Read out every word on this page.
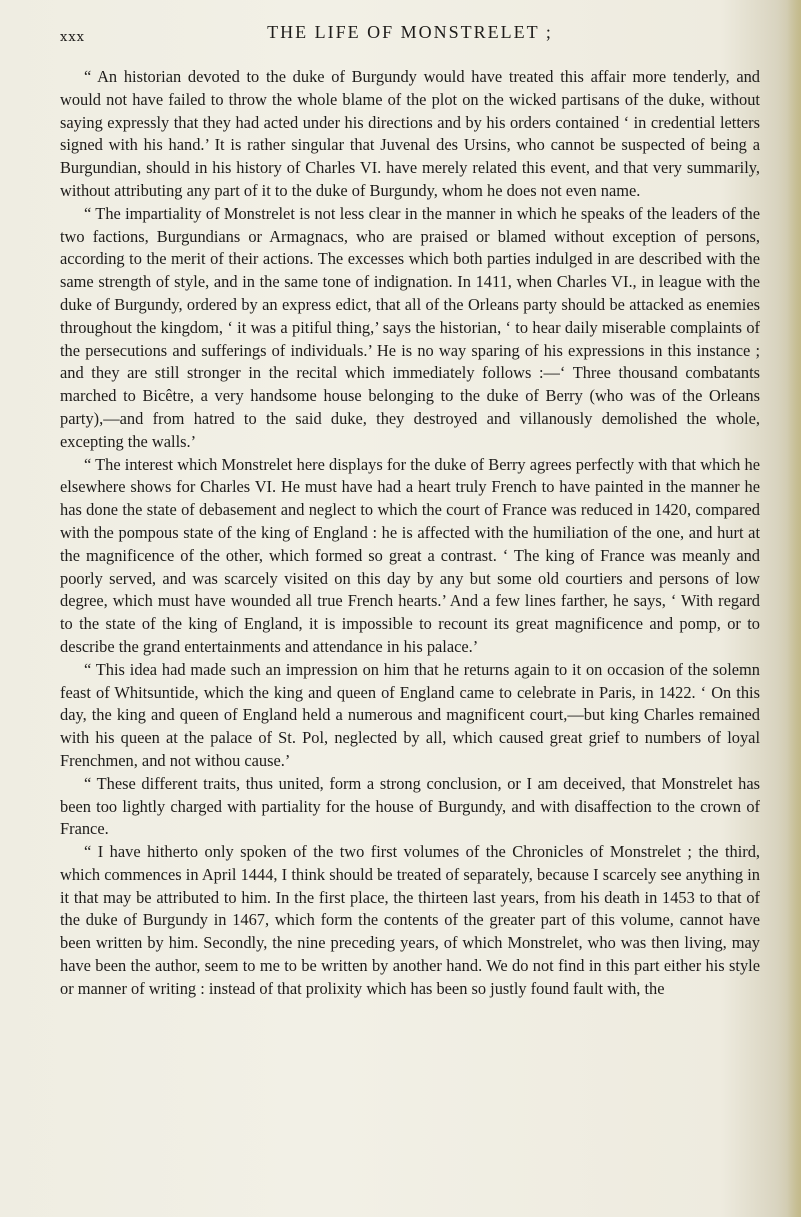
xxx	THE LIFE OF MONSTRELET ;

“ An historian devoted to the duke of Burgundy would have treated this affair more tenderly, and would not have failed to throw the whole blame of the plot on the wicked partisans of the duke, without saying expressly that they had acted under his directions and by his orders contained ‘ in credential letters signed with his hand.’ It is rather singular that Juvenal des Ursins, who cannot be suspected of being a Burgundian, should in his history of Charles VI. have merely related this event, and that very summarily, without attributing any part of it to the duke of Burgundy, whom he does not even name.

“ The impartiality of Monstrelet is not less clear in the manner in which he speaks of the leaders of the two factions, Burgundians or Armagnacs, who are praised or blamed without exception of persons, according to the merit of their actions. The excesses which both parties indulged in are described with the same strength of style, and in the same tone of indignation. In 1411, when Charles VI., in league with the duke of Burgundy, ordered by an express edict, that all of the Orleans party should be attacked as enemies throughout the kingdom, ‘ it was a pitiful thing,’ says the historian, ‘ to hear daily miserable complaints of the persecutions and sufferings of individuals.’ He is no way sparing of his expressions in this instance ; and they are still stronger in the recital which immediately follows :—‘ Three thousand combatants marched to Bicêtre, a very handsome house belonging to the duke of Berry (who was of the Orleans party),—and from hatred to the said duke, they destroyed and villanously demolished the whole, excepting the walls.’

“ The interest which Monstrelet here displays for the duke of Berry agrees perfectly with that which he elsewhere shows for Charles VI. He must have had a heart truly French to have painted in the manner he has done the state of debasement and neglect to which the court of France was reduced in 1420, compared with the pompous state of the king of England : he is affected with the humiliation of the one, and hurt at the magnificence of the other, which formed so great a contrast. ‘ The king of France was meanly and poorly served, and was scarcely visited on this day by any but some old courtiers and persons of low degree, which must have wounded all true French hearts.’ And a few lines farther, he says, ‘ With regard to the state of the king of England, it is impossible to recount its great magnificence and pomp, or to describe the grand entertainments and attendance in his palace.’

“ This idea had made such an impression on him that he returns again to it on occasion of the solemn feast of Whitsuntide, which the king and queen of England came to celebrate in Paris, in 1422. ‘ On this day, the king and queen of England held a numerous and magnificent court,—but king Charles remained with his queen at the palace of St. Pol, neglected by all, which caused great grief to numbers of loyal Frenchmen, and not withou cause.’

“ These different traits, thus united, form a strong conclusion, or I am deceived, that Monstrelet has been too lightly charged with partiality for the house of Burgundy, and with disaffection to the crown of France.

“ I have hitherto only spoken of the two first volumes of the Chronicles of Monstrelet ; the third, which commences in April 1444, I think should be treated of separately, because I scarcely see anything in it that may be attributed to him. In the first place, the thirteen last years, from his death in 1453 to that of the duke of Burgundy in 1467, which form the contents of the greater part of this volume, cannot have been written by him. Secondly, the nine preceding years, of which Monstrelet, who was then living, may have been the author, seem to me to be written by another hand. We do not find in this part either his style or manner of writing : instead of that prolixity which has been so justly found fault with, the
